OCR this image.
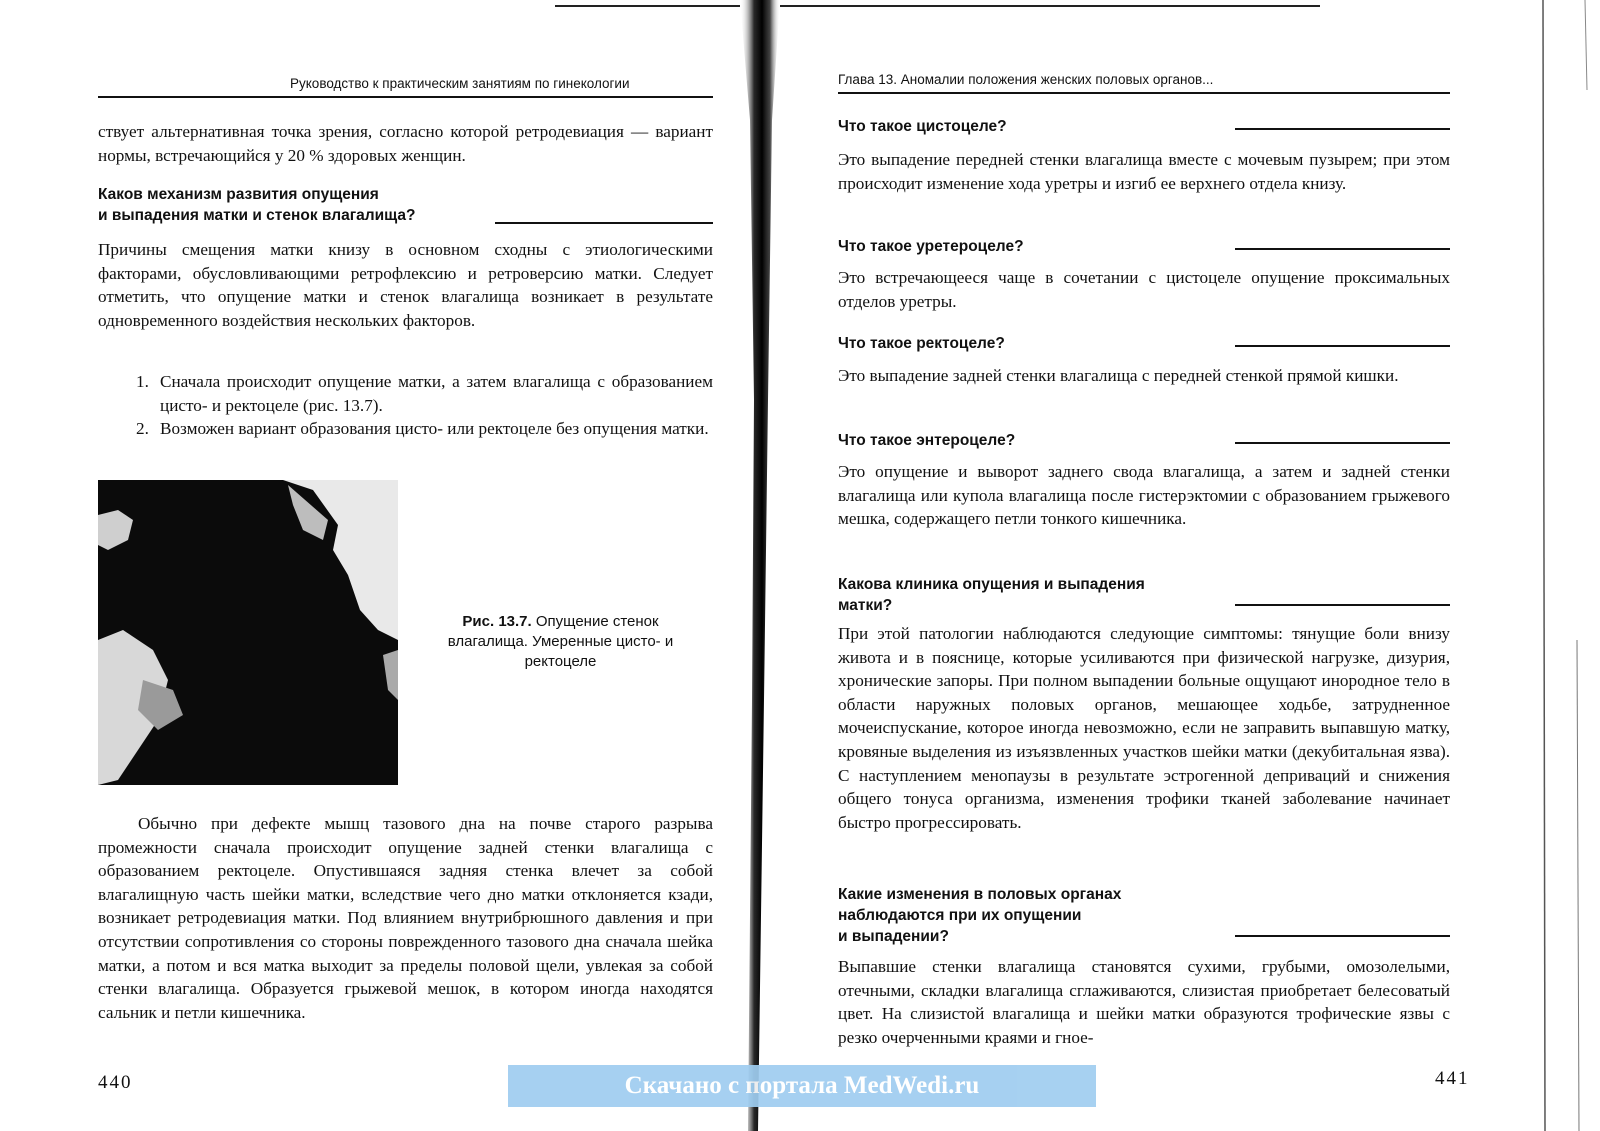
Руководство к практическим занятиям по гинекологии

ствует альтернативная точка зрения, согласно которой ретродевиация — вариант нормы, встречающийся у 20 % здоровых женщин.

Каков механизм развития опущения
и выпадения матки и стенок влагалища?

Причины смещения матки книзу в основном сходны с этиологическими факторами, обусловливающими ретрофлексию и ретроверсию матки. Следует отметить, что опущение матки и стенок влагалища возникает в результате одновременного воздействия нескольких факторов.

1. Сначала происходит опущение матки, а затем влагалища с образованием цисто- и ректоцеле (рис. 13.7).
2. Возможен вариант образования цисто- или ректоцеле без опущения матки.
Рис. 13.7. Опущение стенок влагалища. Умеренные цисто- и ректоцеле

Обычно при дефекте мышц тазового дна на почве старого разрыва промежности сначала происходит опущение задней стенки влагалища с образованием ректоцеле. Опустившаяся задняя стенка влечет за собой влагалищную часть шейки матки, вследствие чего дно матки отклоняется кзади, возникает ретродевиация матки. Под влиянием внутрибрюшного давления и при отсутствии сопротивления со стороны поврежденного тазового дна сначала шейка матки, а потом и вся матка выходит за пределы половой щели, увлекая за собой стенки влагалища. Образуется грыжевой мешок, в котором иногда находятся сальник и петли кишечника.

440
Глава 13. Аномалии положения женских половых органов...
Что такое цистоцеле?

Это выпадение передней стенки влагалища вместе с мочевым пузырем; при этом происходит изменение хода уретры и изгиб ее верхнего отдела книзу.

Что такое уретероцеле?

Это встречающееся чаще в сочетании с цистоцеле опущение проксимальных отделов уретры.

Что такое ректоцеле?

Это выпадение задней стенки влагалища с передней стенкой прямой кишки.

Что такое энтероцеле?

Это опущение и выворот заднего свода влагалища, а затем и задней стенки влагалища или купола влагалища после гистерэктомии с образованием грыжевого мешка, содержащего петли тонкого кишечника.

Какова клиника опущения и выпадения
матки?

При этой патологии наблюдаются следующие симптомы: тянущие боли внизу живота и в пояснице, которые усиливаются при физической нагрузке, дизурия, хронические запоры. При полном выпадении больные ощущают инородное тело в области наружных половых органов, мешающее ходьбе, затрудненное мочеиспускание, которое иногда невозможно, если не заправить выпавшую матку, кровяные выделения из изъязвленных участков шейки матки (декубитальная язва). С наступлением менопаузы в результате эстрогенной деприваций и снижения общего тонуса организма, изменения трофики тканей заболевание начинает быстро прогрессировать.

Какие изменения в половых органах
наблюдаются при их опущении
и выпадении?

Выпавшие стенки влагалища становятся сухими, грубыми, омозолелыми, отечными, складки влагалища сглаживаются, слизистая приобретает белесоватый цвет. На слизистой влагалища и шейки матки образуются трофические язвы с резко очерченными краями и гное-

441
Скачано с портала MedWedi.ru
